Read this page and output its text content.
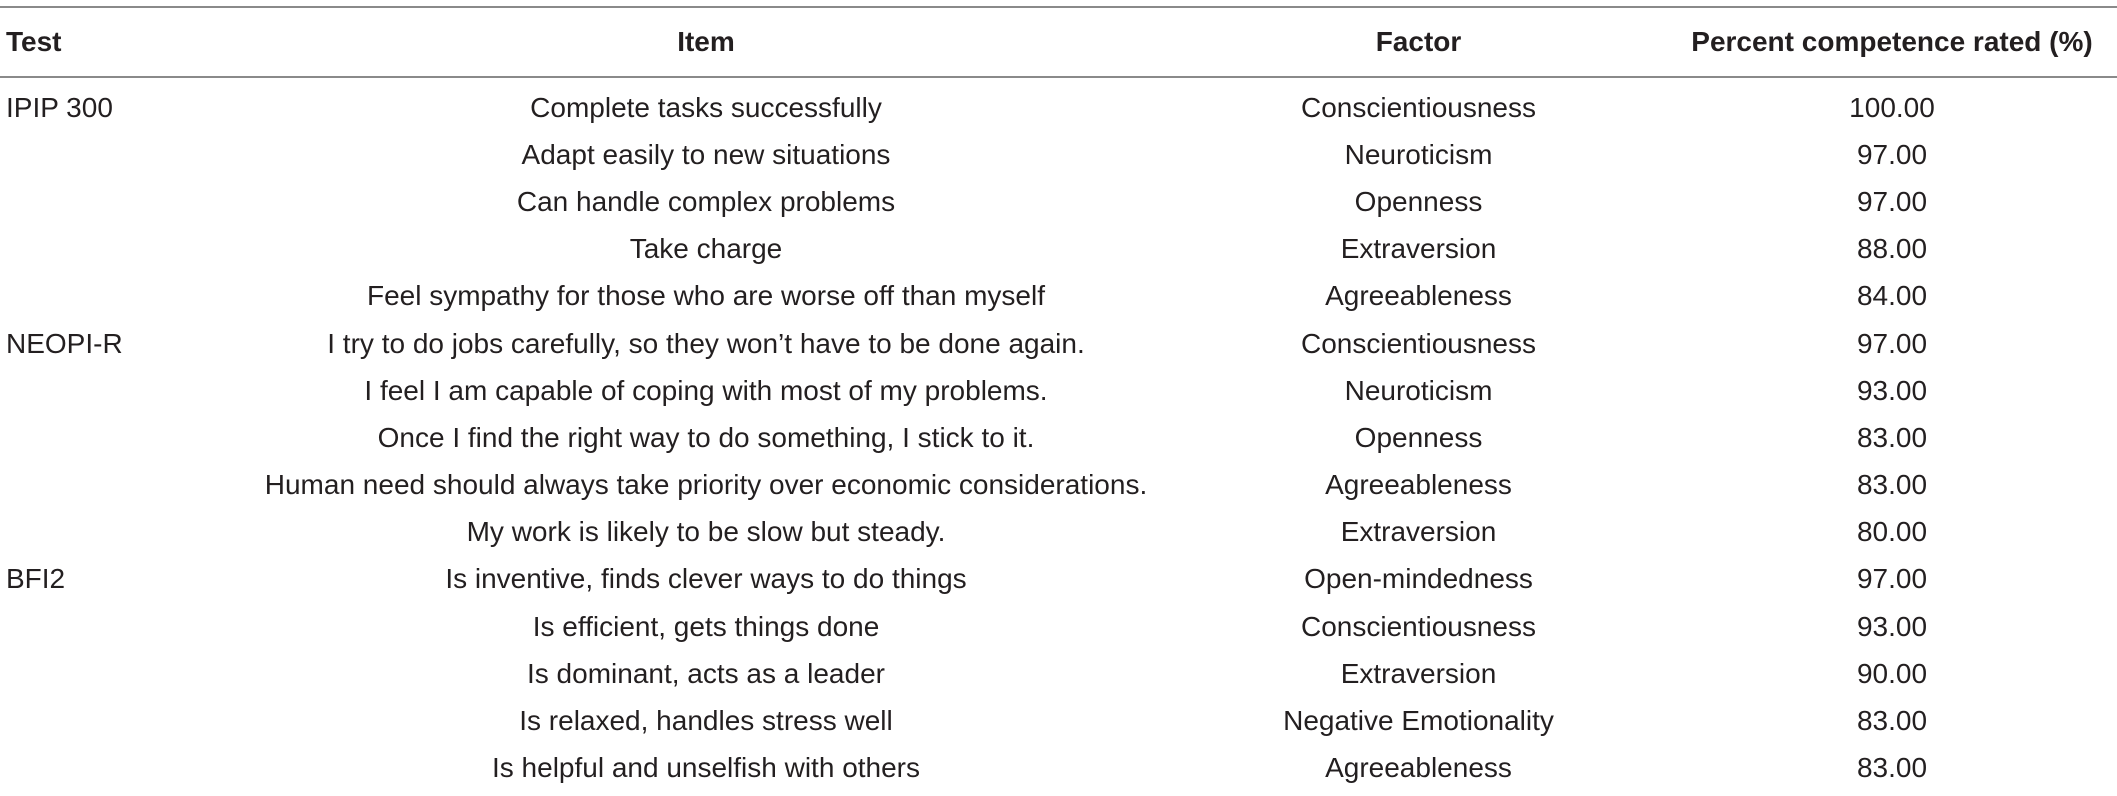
Test	Item	Factor	Percent competence rated (%)
IPIP 300	Complete tasks successfully	Conscientiousness	100.00
	Adapt easily to new situations	Neuroticism	97.00
	Can handle complex problems	Openness	97.00
	Take charge	Extraversion	88.00
	Feel sympathy for those who are worse off than myself	Agreeableness	84.00
NEOPI-R	I try to do jobs carefully, so they won’t have to be done again.	Conscientiousness	97.00
	I feel I am capable of coping with most of my problems.	Neuroticism	93.00
	Once I find the right way to do something, I stick to it.	Openness	83.00
	Human need should always take priority over economic considerations.	Agreeableness	83.00
	My work is likely to be slow but steady.	Extraversion	80.00
BFI2	Is inventive, finds clever ways to do things	Open-mindedness	97.00
	Is efficient, gets things done	Conscientiousness	93.00
	Is dominant, acts as a leader	Extraversion	90.00
	Is relaxed, handles stress well	Negative Emotionality	83.00
	Is helpful and unselfish with others	Agreeableness	83.00
